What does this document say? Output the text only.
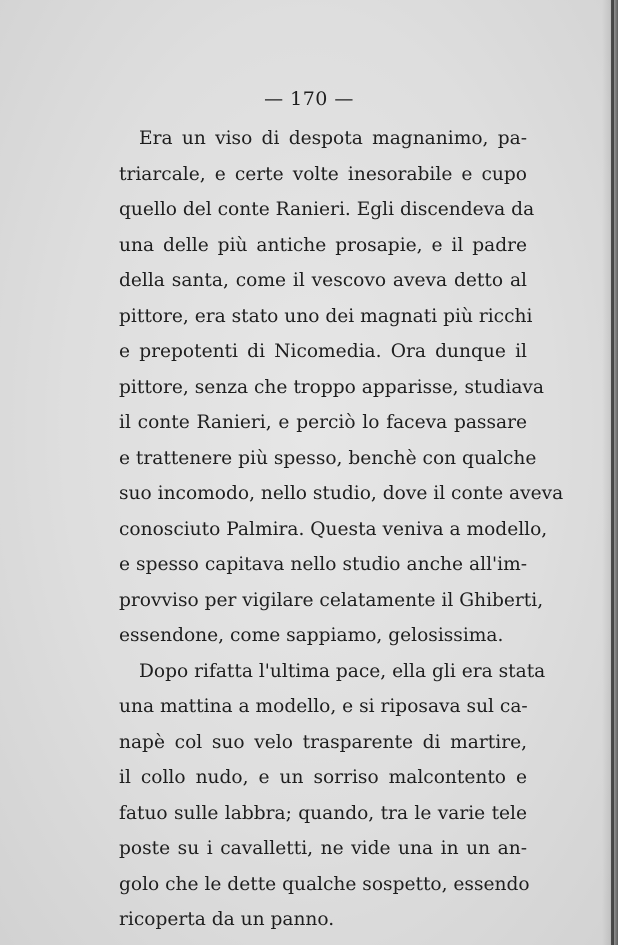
— 170 —
Era un viso di despota magnanimo, pa-
triarcale, e certe volte inesorabile e cupo
quello del conte Ranieri. Egli discendeva da
una delle più antiche prosapie, e il padre
della santa, come il vescovo aveva detto al
pittore, era stato uno dei magnati più ricchi
e prepotenti di Nicomedia. Ora dunque il
pittore, senza che troppo apparisse, studiava
il conte Ranieri, e perciò lo faceva passare
e trattenere più spesso, benchè con qualche
suo incomodo, nello studio, dove il conte aveva
conosciuto Palmira. Questa veniva a modello,
e spesso capitava nello studio anche all'im-
provviso per vigilare celatamente il Ghiberti,
essendone, come sappiamo, gelosissima.
Dopo rifatta l'ultima pace, ella gli era stata
una mattina a modello, e si riposava sul ca-
napè col suo velo trasparente di martire,
il collo nudo, e un sorriso malcontento e
fatuo sulle labbra; quando, tra le varie tele
poste su i cavalletti, ne vide una in un an-
golo che le dette qualche sospetto, essendo
ricoperta da un panno.
